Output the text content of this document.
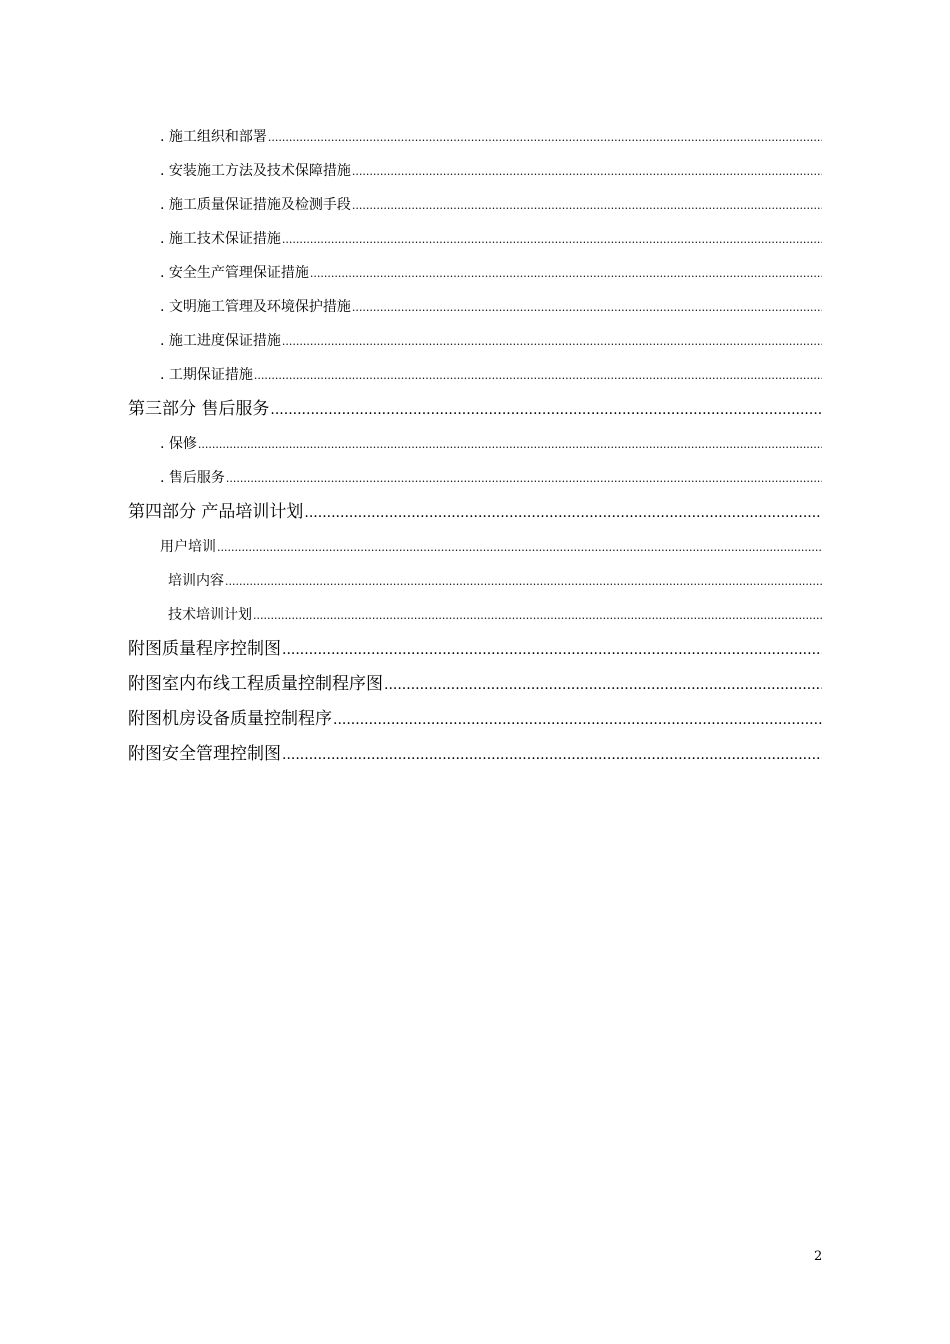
. 施工组织和部署
.....
. 安装施工方法及技术保障措施
.....
. 施工质量保证措施及检测手段
.....
. 施工技术保证措施
.....
. 安全生产管理保证措施
.....
. 文明施工管理及环境保护措施
.....
. 施工进度保证措施
.....
. 工期保证措施
.....
第三部分 售后服务
.....
. 保修
.....
. 售后服务
.....
第四部分 产品培训计划
.....
用户培训
.....
培训内容
.....
技术培训计划
.....
附图质量程序控制图
.....
附图室内布线工程质量控制程序图
.....
附图机房设备质量控制程序
.....
附图安全管理控制图
.....
2
